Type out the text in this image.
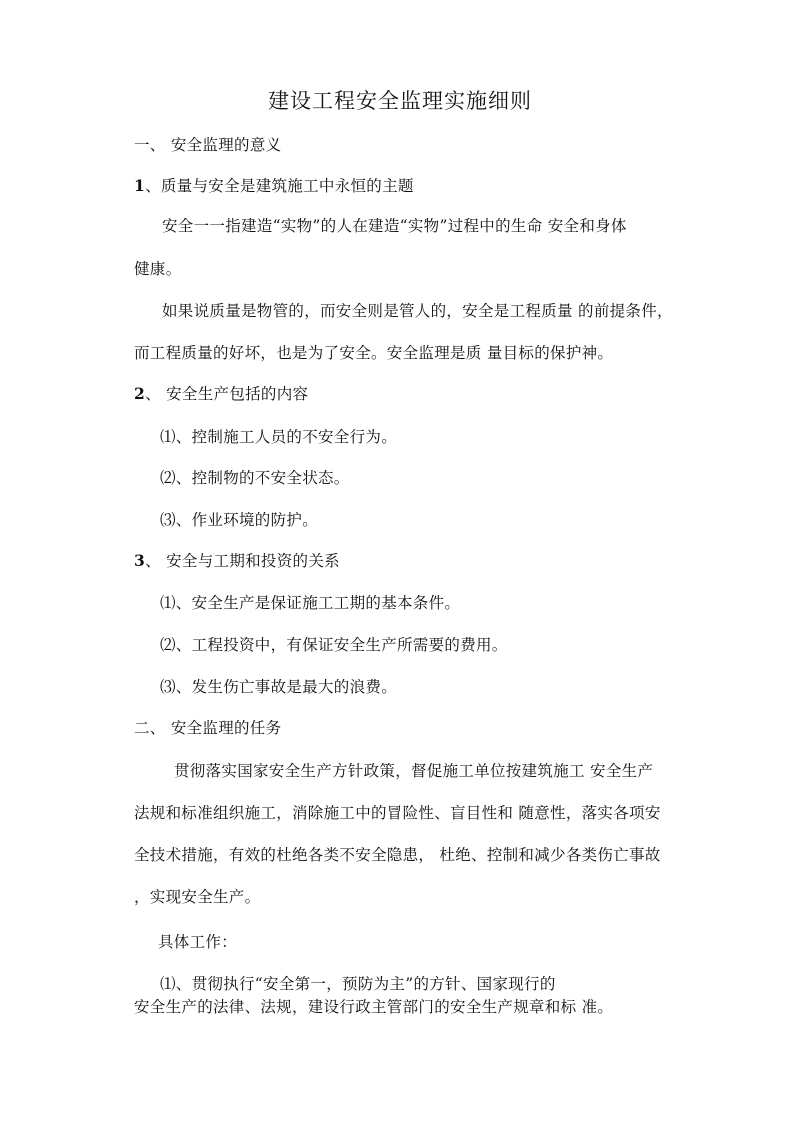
建设工程安全监理实施细则
一、 安全监理的意义
1、质量与安全是建筑施工中永恒的主题
安全一一指建造“实物”的人在建造“实物”过程中的生命 安全和身体
健康。
如果说质量是物管的，而安全则是管人的，安全是工程质量 的前提条件，
而工程质量的好坏，也是为了安全。安全监理是质 量目标的保护神。
2、 安全生产包括的内容
⑴、控制施工人员的不安全行为。
⑵、控制物的不安全状态。
⑶、作业环境的防护。
3、 安全与工期和投资的关系
⑴、安全生产是保证施工工期的基本条件。
⑵、工程投资中，有保证安全生产所需要的费用。
⑶、发生伤亡事故是最大的浪费。
二、 安全监理的任务
贯彻落实国家安全生产方针政策，督促施工单位按建筑施工 安全生产
法规和标准组织施工，消除施工中的冒险性、盲目性和 随意性，落实各项安
全技术措施，有效的杜绝各类不安全隐患， 杜绝、控制和减少各类伤亡事故
，实现安全生产。
具体工作：
⑴、贯彻执行“安全第一，预防为主”的方针、国家现行的
安全生产的法律、法规，建设行政主管部门的安全生产规章和标 准。
